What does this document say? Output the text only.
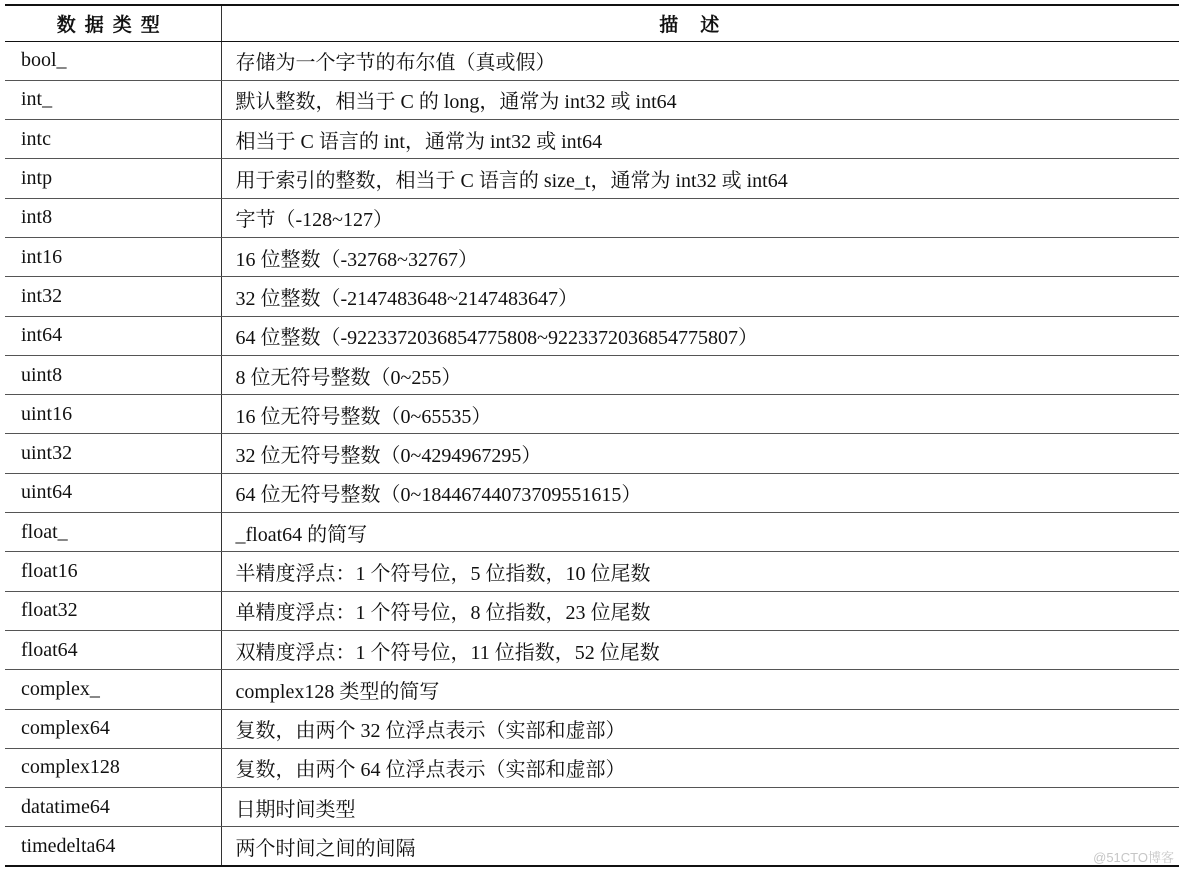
数据类型	描述
bool_	存储为一个字节的布尔值（真或假）
int_	默认整数，相当于 C 的 long，通常为 int32 或 int64
intc	相当于 C 语言的 int，通常为 int32 或 int64
intp	用于索引的整数，相当于 C 语言的 size_t，通常为 int32 或 int64
int8	字节（-128~127）
int16	16 位整数（-32768~32767）
int32	32 位整数（-2147483648~2147483647）
int64	64 位整数（-9223372036854775808~9223372036854775807）
uint8	8 位无符号整数（0~255）
uint16	16 位无符号整数（0~65535）
uint32	32 位无符号整数（0~4294967295）
uint64	64 位无符号整数（0~18446744073709551615）
float_	_float64 的简写
float16	半精度浮点：1 个符号位，5 位指数，10 位尾数
float32	单精度浮点：1 个符号位，8 位指数，23 位尾数
float64	双精度浮点：1 个符号位，11 位指数，52 位尾数
complex_	complex128 类型的简写
complex64	复数，由两个 32 位浮点表示（实部和虚部）
complex128	复数，由两个 64 位浮点表示（实部和虚部）
datatime64	日期时间类型
timedelta64	两个时间之间的间隔	@51CTO博客
